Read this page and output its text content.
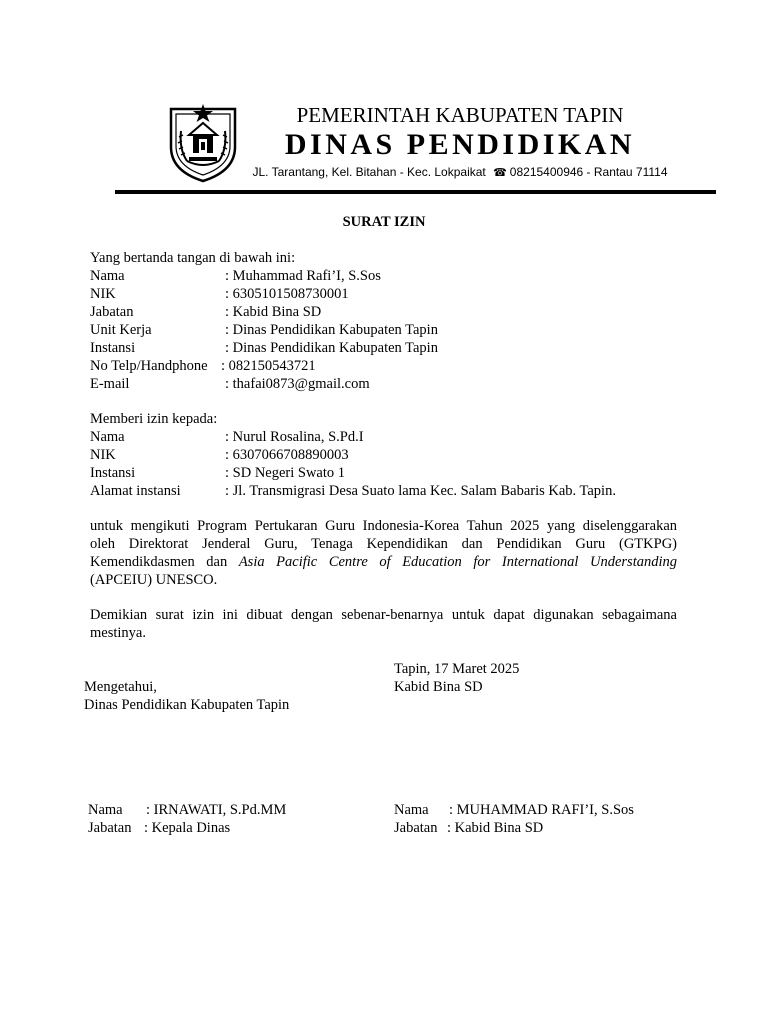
PEMERINTAH KABUPATEN TAPIN
DINAS PENDIDIKAN
JL. Tarantang, Kel. Bitahan - Kec. Lokpaikat ☎ 08215400946 - Rantau 71114
SURAT IZIN
Yang bertanda tangan di bawah ini:
Nama	: Muhammad Rafi’I, S.Sos
NIK	: 6305101508730001
Jabatan	: Kabid Bina SD
Unit Kerja	: Dinas Pendidikan Kabupaten Tapin
Instansi	: Dinas Pendidikan Kabupaten Tapin
No Telp/Handphone : 082150543721
E-mail	: thafai0873@gmail.com
Memberi izin kepada:
Nama	: Nurul Rosalina, S.Pd.I
NIK	: 6307066708890003
Instansi	: SD Negeri Swato 1
Alamat instansi	: Jl. Transmigrasi Desa Suato lama Kec. Salam Babaris Kab. Tapin.
untuk mengikuti Program Pertukaran Guru Indonesia-Korea Tahun 2025 yang diselenggarakan
oleh Direktorat Jenderal Guru, Tenaga Kependidikan dan Pendidikan Guru (GTKPG)
Kemendikdasmen dan Asia Pacific Centre of Education for International Understanding
(APCEIU) UNESCO.
Demikian surat izin ini dibuat dengan sebenar-benarnya untuk dapat digunakan sebagaimana
mestinya.
Tapin, 17 Maret 2025
Kabid Bina SD
Mengetahui,
Dinas Pendidikan Kabupaten Tapin
Nama : IRNAWATI, S.Pd.MM
Jabatan : Kepala Dinas
Nama : MUHAMMAD RAFI’I, S.Sos
Jabatan : Kabid Bina SD
